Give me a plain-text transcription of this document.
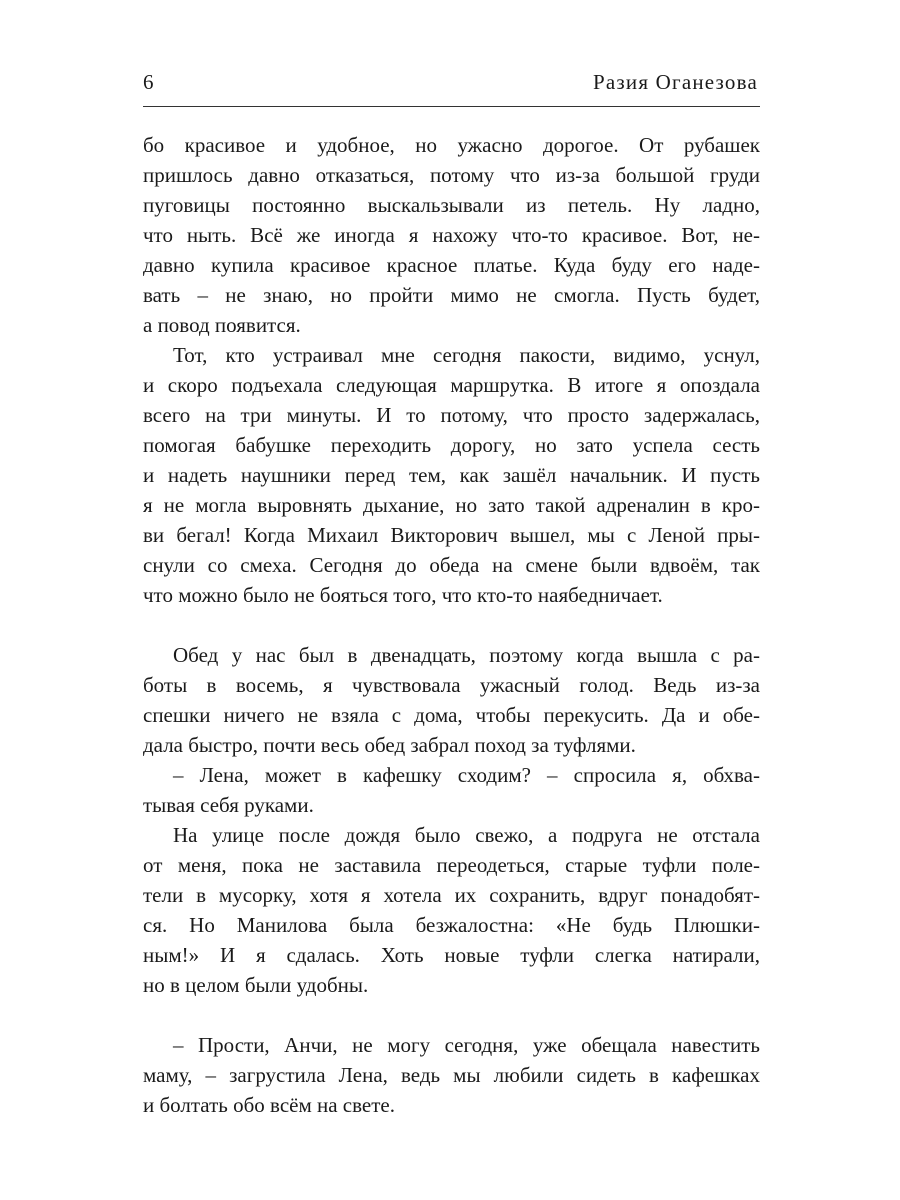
6	Разия Оганезова
бо красивое и удобное, но ужасно дорогое. От рубашек
пришлось давно отказаться, потому что из-за большой груди
пуговицы постоянно выскальзывали из петель. Ну ладно,
что ныть. Всё же иногда я нахожу что-то красивое. Вот, не-
давно купила красивое красное платье. Куда буду его наде-
вать – не знаю, но пройти мимо не смогла. Пусть будет,
а повод появится.
Тот, кто устраивал мне сегодня пакости, видимо, уснул,
и скоро подъехала следующая маршрутка. В итоге я опоздала
всего на три минуты. И то потому, что просто задержалась,
помогая бабушке переходить дорогу, но зато успела сесть
и надеть наушники перед тем, как зашёл начальник. И пусть
я не могла выровнять дыхание, но зато такой адреналин в кро-
ви бегал! Когда Михаил Викторович вышел, мы с Леной пры-
снули со смеха. Сегодня до обеда на смене были вдвоём, так
что можно было не бояться того, что кто-то наябедничает.
Обед у нас был в двенадцать, поэтому когда вышла с ра-
боты в восемь, я чувствовала ужасный голод. Ведь из-за
спешки ничего не взяла с дома, чтобы перекусить. Да и обе-
дала быстро, почти весь обед забрал поход за туфлями.
– Лена, может в кафешку сходим? – спросила я, обхва-
тывая себя руками.
На улице после дождя было свежо, а подруга не отстала
от меня, пока не заставила переодеться, старые туфли поле-
тели в мусорку, хотя я хотела их сохранить, вдруг понадобят-
ся. Но Манилова была безжалостна: «Не будь Плюшки-
ным!» И я сдалась. Хоть новые туфли слегка натирали,
но в целом были удобны.
– Прости, Анчи, не могу сегодня, уже обещала навестить
маму, – загрустила Лена, ведь мы любили сидеть в кафешках
и болтать обо всём на свете.
